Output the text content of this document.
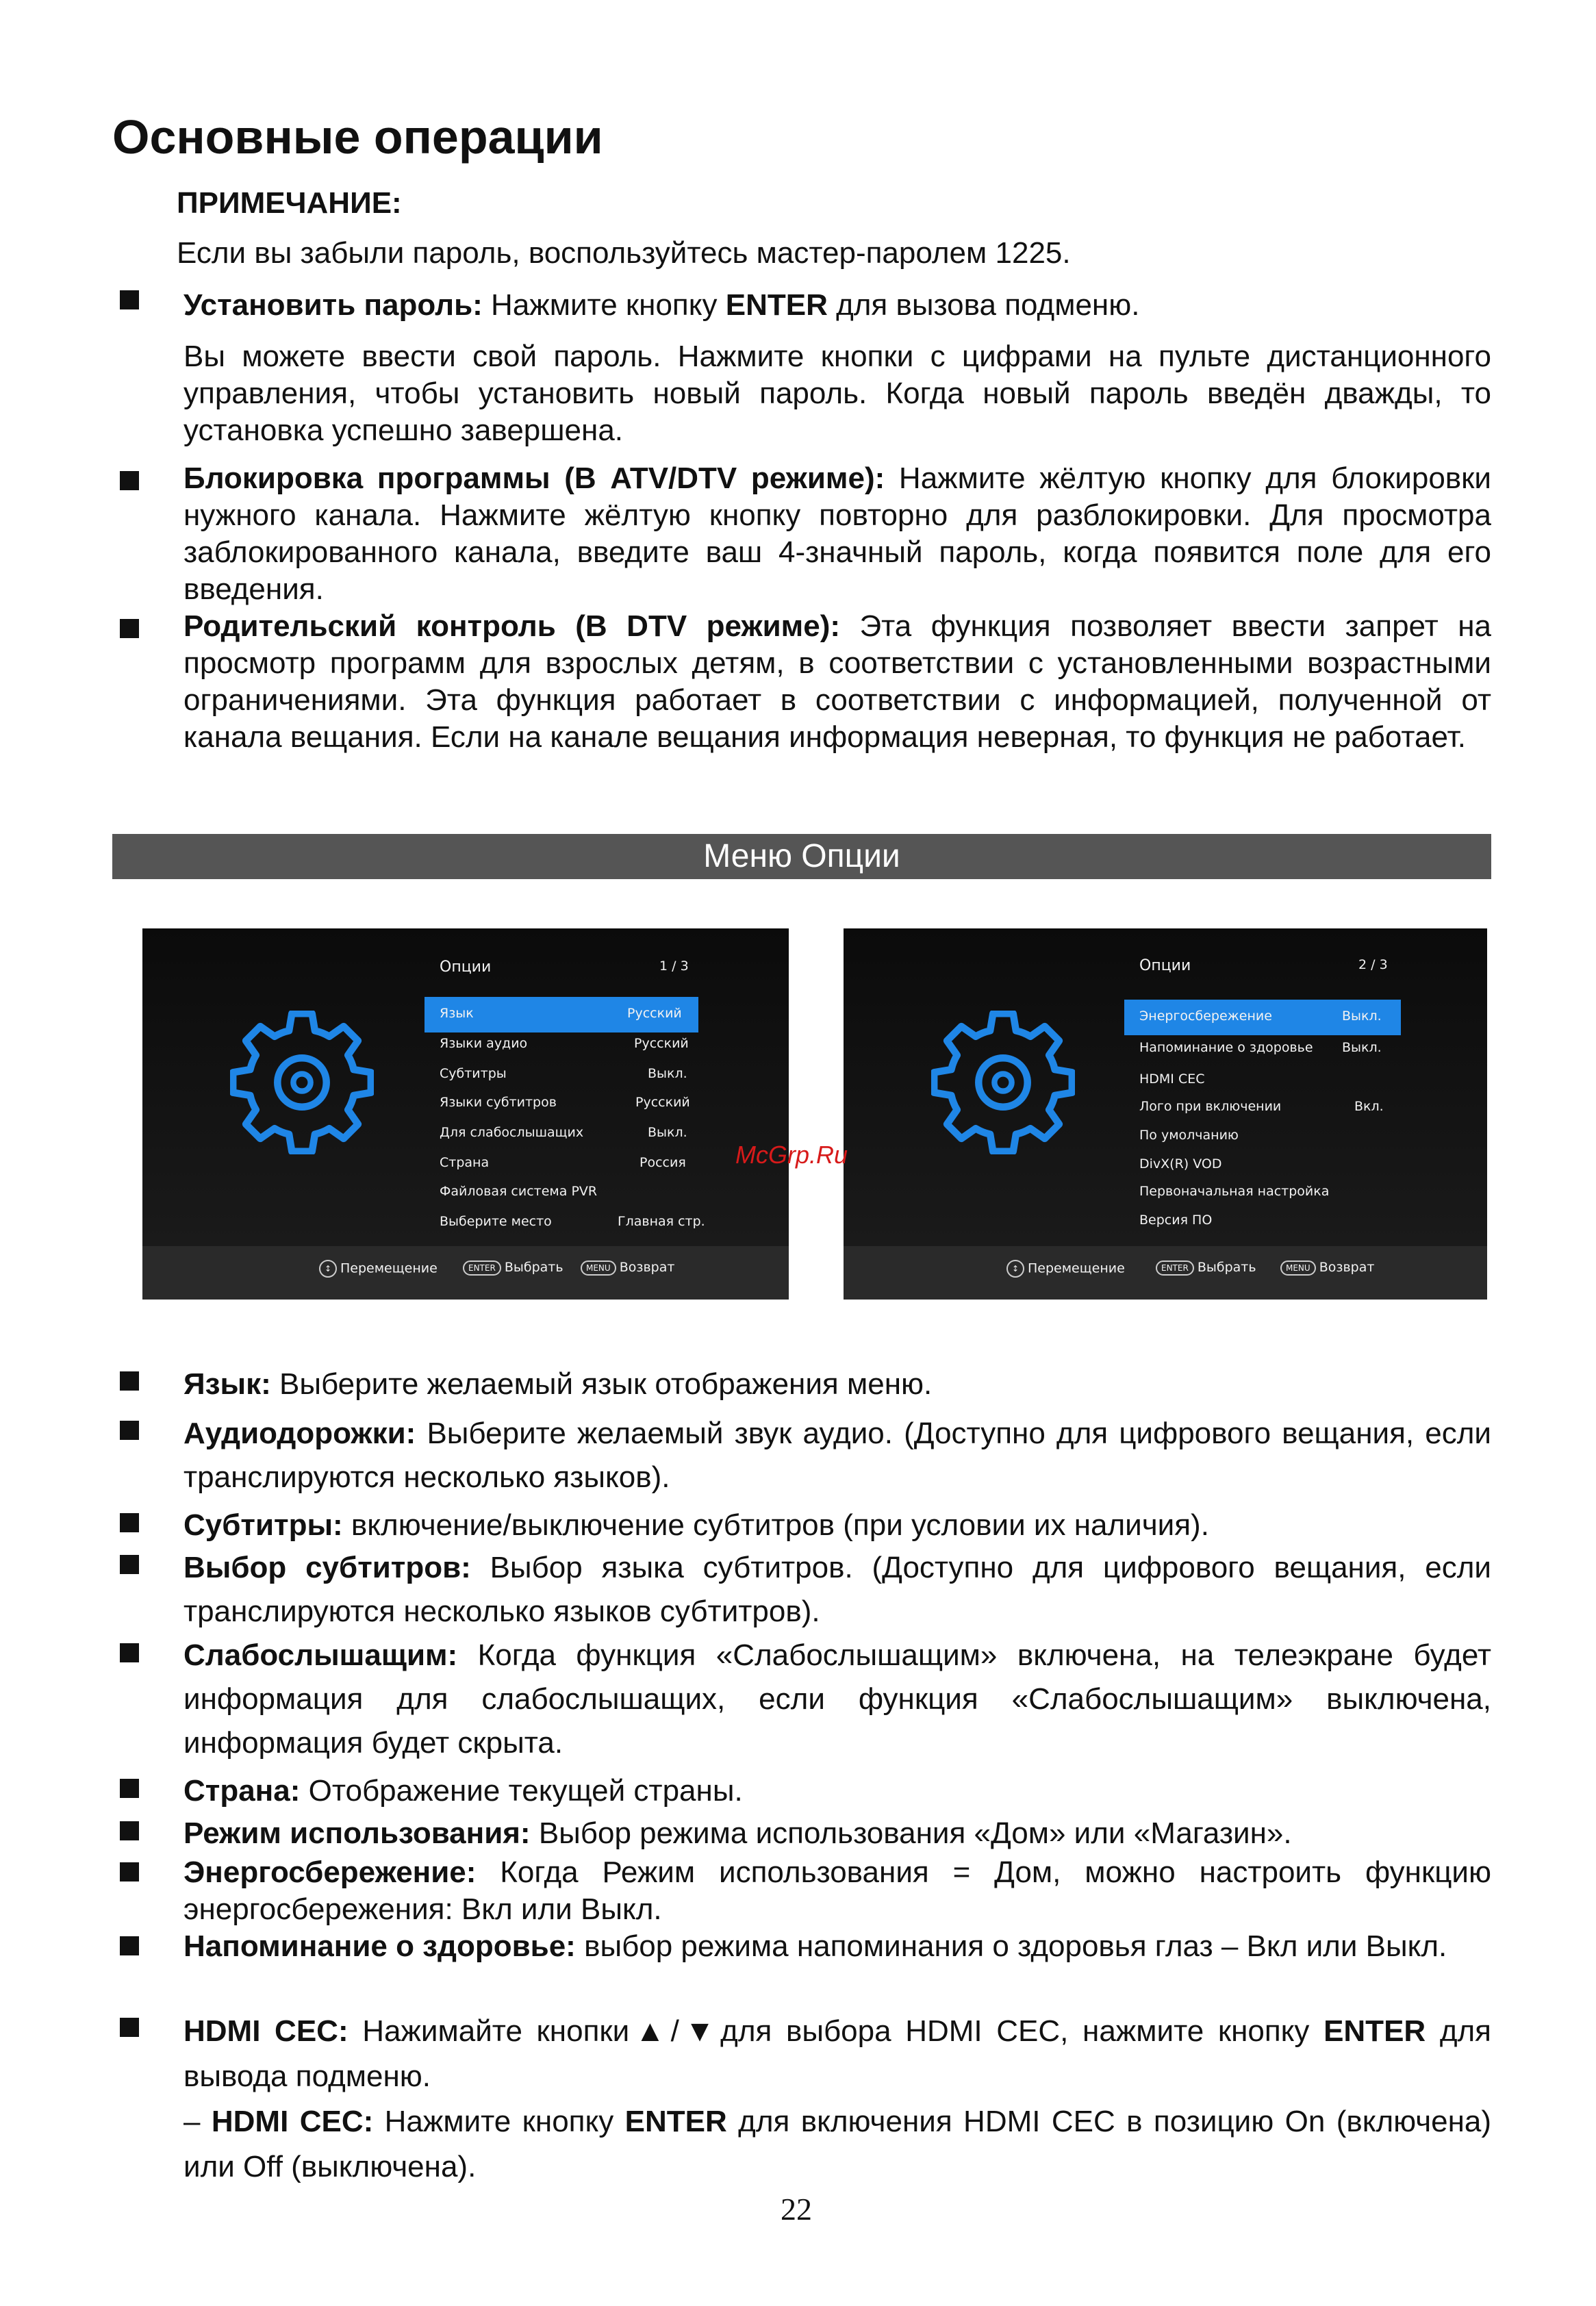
Основные операции
ПРИМЕЧАНИЕ:
Если вы забыли пароль, воспользуйтесь мастер-паролем 1225.
Установить пароль: Нажмите кнопку ENTER для вызова подменю.
Вы можете ввести свой пароль. Нажмите кнопки с цифрами на пульте дистанционного управления, чтобы установить новый пароль. Когда новый пароль введён дважды, то установка успешно завершена.
Блокировка программы (В ATV/DTV режиме): Нажмите жёлтую кнопку для блокировки нужного канала. Нажмите жёлтую кнопку повторно для разблокировки. Для просмотра заблокированного канала, введите ваш 4-значный пароль, когда появится поле для его введения.
Родительский контроль (В DTV режиме): Эта функция позволяет ввести запрет на просмотр программ для взрослых детям, в соответствии с установленными возрастными ограничениями. Эта функция работает в соответствии с информацией, полученной от канала вещания. Если на канале вещания информация неверная, то функция не работает.
Меню Опции
Опции	1 / 3
Язык	Русский
Языки аудио	Русский
Субтитры	Выкл.
Языки субтитров	Русский
Для слабослышащих	Выкл.
Страна	Россия
Файловая система PVR
Выберите место	Главная стр.
↕ Перемещение	ENTER Выбрать	MENU Возврат
Опции	2 / 3
Энергосбережение	Выкл.
Напоминание о здоровье Выкл.
HDMI CEC
Лого при включении	Вкл.
По умолчанию
DivX(R) VOD
Первоначальная настройка
Версия ПО
↕ Перемещение	ENTER Выбрать	MENU Возврат
McGrp.Ru
Язык: Выберите желаемый язык отображения меню.
Аудиодорожки: Выберите желаемый звук аудио. (Доступно для цифрового вещания, если транслируются несколько языков).
Субтитры: включение/выключение субтитров (при условии их наличия).
Выбор субтитров: Выбор языка субтитров. (Доступно для цифрового вещания, если транслируются несколько языков субтитров).
Слабослышащим: Когда функция «Слабослышащим» включена, на телеэкране будет информация для слабослышащих, если функция «Слабослышащим» выключена, информация будет скрыта.
Страна: Отображение текущей страны.
Режим использования: Выбор режима использования «Дом» или «Магазин».
Энергосбережение: Когда Режим использования = Дом, можно настроить функцию энергосбережения: Вкл или Выкл.
Напоминание о здоровье: выбор режима напоминания о здоровья глаз – Вкл или Выкл.
HDMI CEC: Нажимайте кнопки▲/▼для выбора HDMI CEC, нажмите кнопку ENTER для вывода подменю.
– HDMI CEC: Нажмите кнопку ENTER для включения HDMI CEC в позицию On (включена) или Off (выключена).
22
